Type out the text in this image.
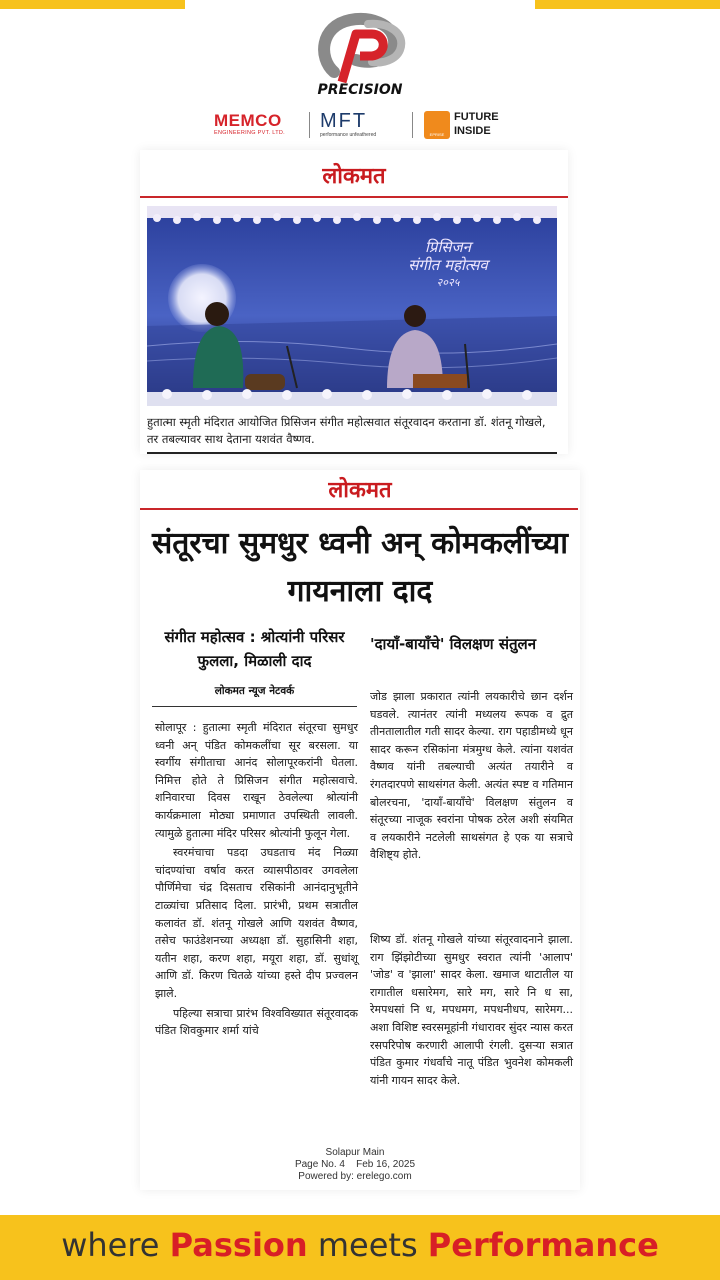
PRECISION
MEMCO
ENGINEERING PVT. LTD.
MFT
performance unfeathered	EPRISE
FUTURE INSIDE
लोकमत
प्रिसिजन
संगीत महोत्सव
२०२५
हुतात्मा स्मृती मंदिरात आयोजित प्रिसिजन संगीत महोत्सवात संतूरवादन करताना डॉ. शंतनू गोखले, तर तबल्यावर साथ देताना यशवंत वैष्णव.
लोकमत
संतूरचा सुमधुर ध्वनी अन् कोमकलींच्या गायनाला दाद
संगीत महोत्सव : श्रोत्यांनी परिसर फुलला, मिळाली दाद
लोकमत न्यूज नेटवर्क
'दायाँ-बायाँचे' विलक्षण संतुलन

सोलापूर : हुतात्मा स्मृती मंदिरात संतूरचा सुमधुर ध्वनी अन् पंडित कोमकलींचा सूर बरसला. या स्वर्गीय संगीताचा आनंद सोलापूरकरांनी घेतला. निमित्त होते ते प्रिसिजन संगीत महोत्सवाचे. शनिवारचा दिवस राखून ठेवलेल्या श्रोत्यांनी कार्यक्रमाला मोठ्या प्रमाणात उपस्थिती लावली. त्यामुळे हुतात्मा मंदिर परिसर श्रोत्यांनी फुलून गेला.

स्वरमंचाचा पडदा उघडताच मंद निळ्या चांदण्यांचा वर्षाव करत व्यासपीठावर उगवलेला पौर्णिमेचा चंद्र दिसताच रसिकांनी आनंदानुभूतीने टाळ्यांचा प्रतिसाद दिला. प्रारंभी, प्रथम सत्रातील कलावंत डॉ. शंतनू गोखले आणि यशवंत वैष्णव, तसेच फाउंडेशनच्या अध्यक्षा डॉ. सुहासिनी शहा, यतीन शहा, करण शहा, मयूरा शहा, डॉ. सुधांशू आणि डॉ. किरण चितळे यांच्या हस्ते दीप प्रज्वलन झाले.

पहिल्या सत्राचा प्रारंभ विश्वविख्यात संतूरवादक पंडित शिवकुमार शर्मा यांचे

जोड झाला प्रकारात त्यांनी लयकारीचे छान दर्शन घडवले. त्यानंतर त्यांनी मध्यलय रूपक व द्रुत तीनतालातील गती सादर केल्या. राग पहाडीमध्ये धून सादर करून रसिकांना मंत्रमुग्ध केले. त्यांना यशवंत वैष्णव यांनी तबल्याची अत्यंत तयारीने व रंगतदारपणे साथसंगत केली. अत्यंत स्पष्ट व गतिमान बोलरचना, 'दायाँ-बायाँचे' विलक्षण संतुलन व संतूरच्या नाजूक स्वरांना पोषक ठरेल अशी संयमित व लयकारीने नटलेली साथसंगत हे एक या सत्राचे वैशिष्ट्य होते.

शिष्य डॉ. शंतनू गोखले यांच्या संतूरवादनाने झाला. राग झिंझोटीच्या सुमधुर स्वरात त्यांनी 'आलाप' 'जोड' व 'झाला' सादर केला. खमाज थाटातील या रागातील धसारेमग, सारे मग, सारे नि ध सा, रेमपधसां नि ध, मपधमग, मपधनीधप, सारेमग... अशा विशिष्ट स्वरसमूहांनी गंधारावर सुंदर न्यास करत रसपरिपोष करणारी आलापी रंगली. दुसऱ्या सत्रात पंडित कुमार गंधर्वांचे नातू पंडित भुवनेश कोमकली यांनी गायन सादर केले.

Solapur Main
Page No. 4    Feb 16, 2025
Powered by: erelego.com
where Passion meets Performance
